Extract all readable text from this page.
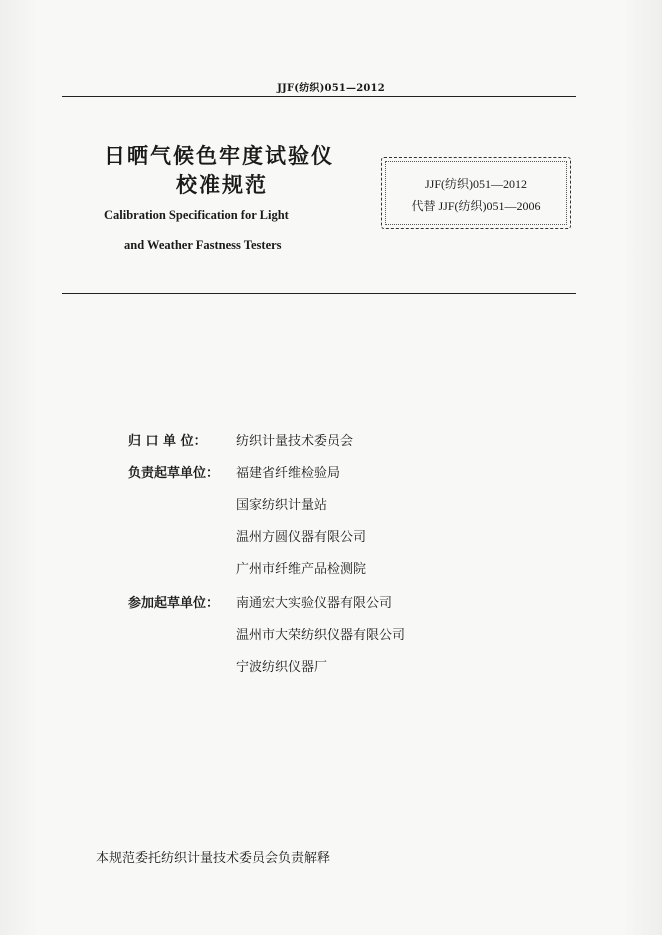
JJF(纺织)051—2012
日晒气候色牢度试验仪
校准规范
Calibration Specification for Light
and Weather Fastness Testers
JJF(纺织)051—2012
代替 JJF(纺织)051—2006
归 口 单 位： 纺织计量技术委员会
负责起草单位： 福建省纤维检验局
国家纺织计量站
温州方圆仪器有限公司
广州市纤维产品检测院
参加起草单位： 南通宏大实验仪器有限公司
温州市大荣纺织仪器有限公司
宁波纺织仪器厂
本规范委托纺织计量技术委员会负责解释
